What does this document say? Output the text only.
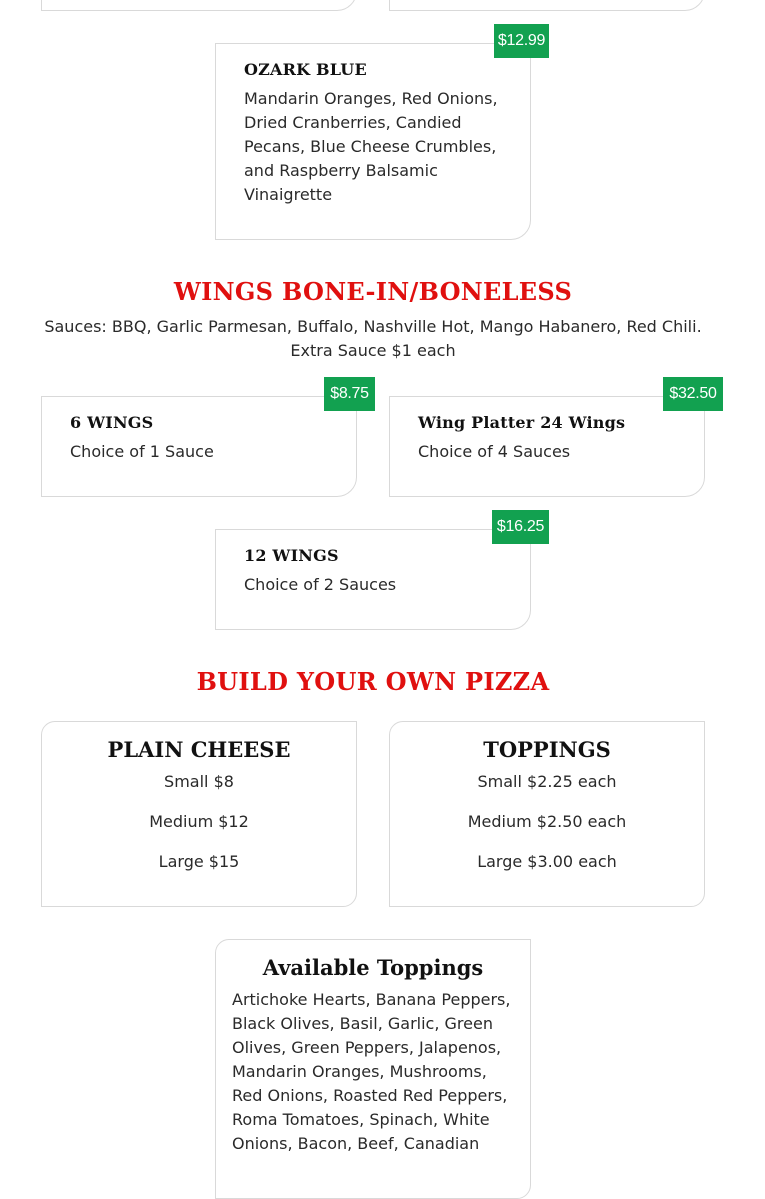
OZARK BLUE
Mandarin Oranges, Red Onions, Dried Cranberries, Candied Pecans, Blue Cheese Crumbles, and Raspberry Balsamic Vinaigrette
$12.99
WINGS BONE-IN/BONELESS
Sauces: BBQ, Garlic Parmesan, Buffalo, Nashville Hot, Mango Habanero, Red Chili. Extra Sauce $1 each
6 WINGS
Choice of 1 Sauce
$8.75
Wing Platter 24 Wings
Choice of 4 Sauces
$32.50
12 WINGS
Choice of 2 Sauces
$16.25
BUILD YOUR OWN PIZZA
PLAIN CHEESE
Small $8
Medium $12
Large $15
TOPPINGS
Small $2.25 each
Medium $2.50 each
Large $3.00 each
Available Toppings
Artichoke Hearts, Banana Peppers, Black Olives, Basil, Garlic, Green Olives, Green Peppers, Jalapenos, Mandarin Oranges, Mushrooms, Red Onions, Roasted Red Peppers, Roma Tomatoes, Spinach, White Onions, Bacon, Beef, Canadian
